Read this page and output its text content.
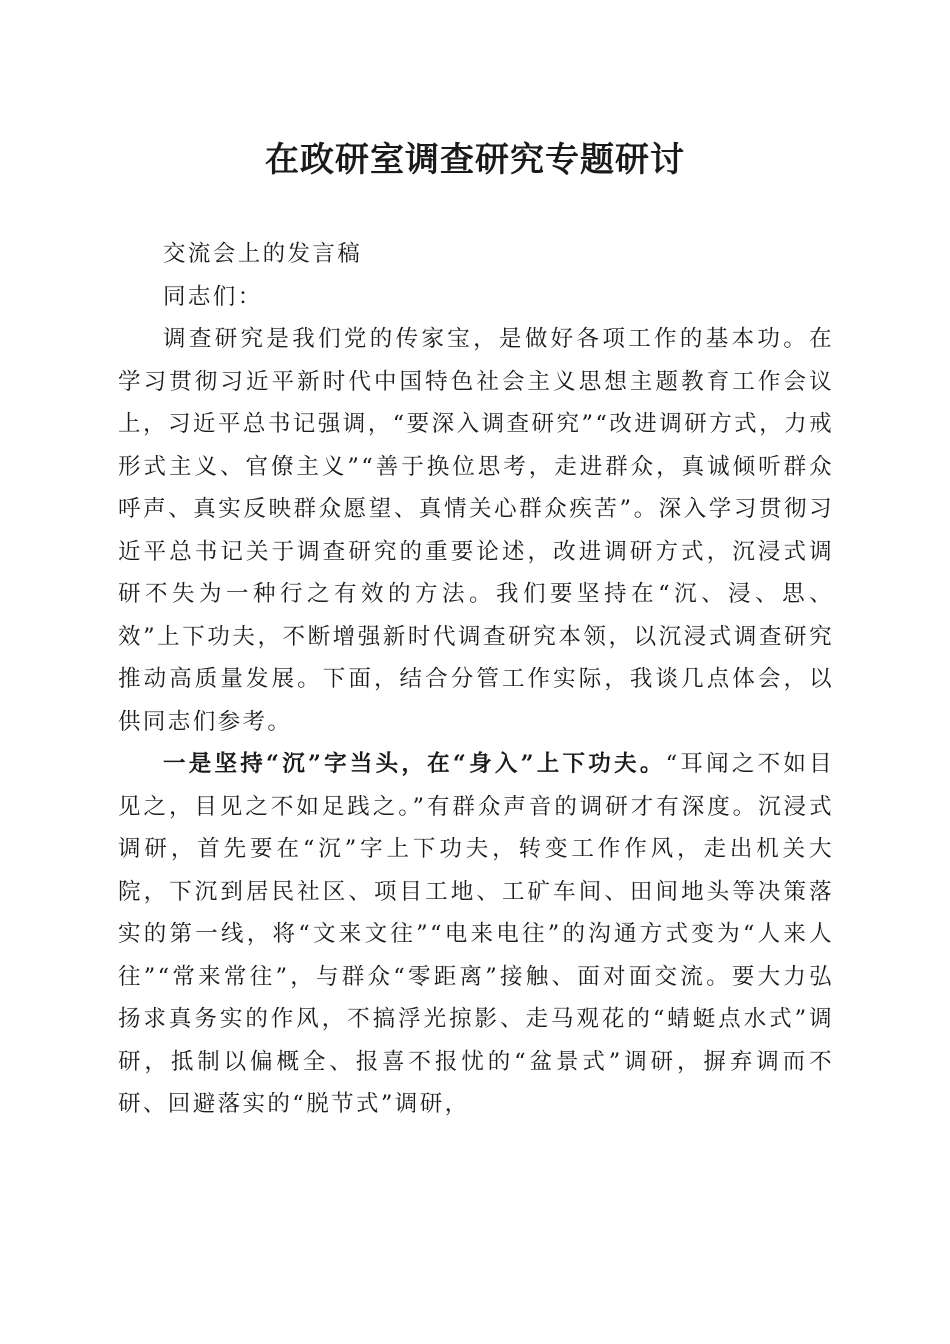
在政研室调查研究专题研讨

交流会上的发言稿

同志们：

调查研究是我们党的传家宝，是做好各项工作的基本功。在学习贯彻习近平新时代中国特色社会主义思想主题教育工作会议上，习近平总书记强调，“要深入调查研究”“改进调研方式，力戒形式主义、官僚主义”“善于换位思考，走进群众，真诚倾听群众呼声、真实反映群众愿望、真情关心群众疾苦”。深入学习贯彻习近平总书记关于调查研究的重要论述，改进调研方式，沉浸式调研不失为一种行之有效的方法。我们要坚持在“沉、浸、思、效”上下功夫，不断增强新时代调查研究本领，以沉浸式调查研究推动高质量发展。下面，结合分管工作实际，我谈几点体会，以供同志们参考。

一是坚持“沉”字当头，在“身入”上下功夫。“耳闻之不如目见之，目见之不如足践之。”有群众声音的调研才有深度。沉浸式调研，首先要在“沉”字上下功夫，转变工作作风，走出机关大院，下沉到居民社区、项目工地、工矿车间、田间地头等决策落实的第一线，将“文来文往”“电来电往”的沟通方式变为“人来人往”“常来常往”，与群众“零距离”接触、面对面交流。要大力弘扬求真务实的作风，不搞浮光掠影、走马观花的“蜻蜓点水式”调研，抵制以偏概全、报喜不报忧的“盆景式”调研，摒弃调而不研、回避落实的“脱节式”调研，
